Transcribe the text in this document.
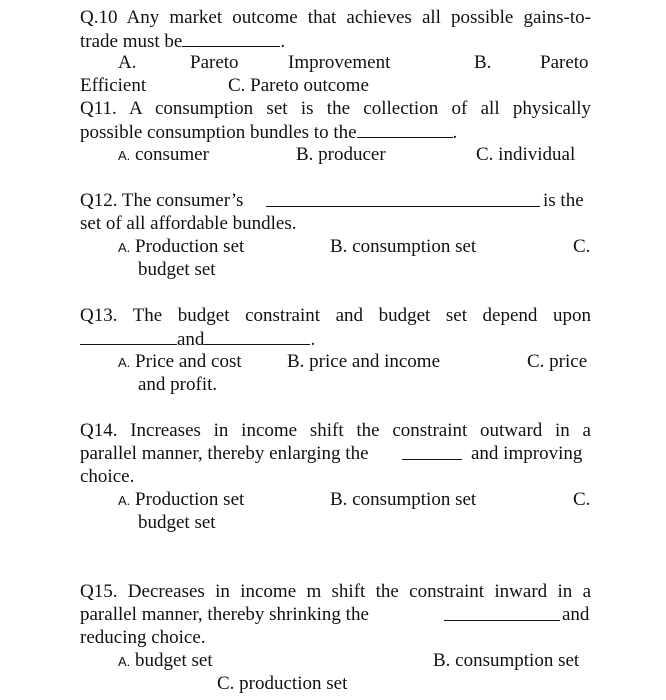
Q.10 Any market outcome that achieves all possible gains-to-
trade must be	.
A.	Pareto	Improvement	B.	Pareto
Efficient	C. Pareto outcome
Q11. A consumption set is the collection of all physically
possible consumption bundles to the	.
A. consumer	B. producer	C. individual
Q12. The consumer’s	is the
set of all affordable bundles.
A. Production set	B. consumption set	C.
budget set
Q13. The budget constraint and budget set depend upon
and	.
A. Price and cost B. price and income	C. price
and profit.
Q14. Increases in income shift the constraint outward in a
parallel manner, thereby enlarging the	and improving
choice.
A. Production set	B. consumption set	C.
budget set
Q15. Decreases in income m shift the constraint inward in a
parallel manner, thereby shrinking the	and
reducing choice.
A. budget set	B. consumption set
C. production set
